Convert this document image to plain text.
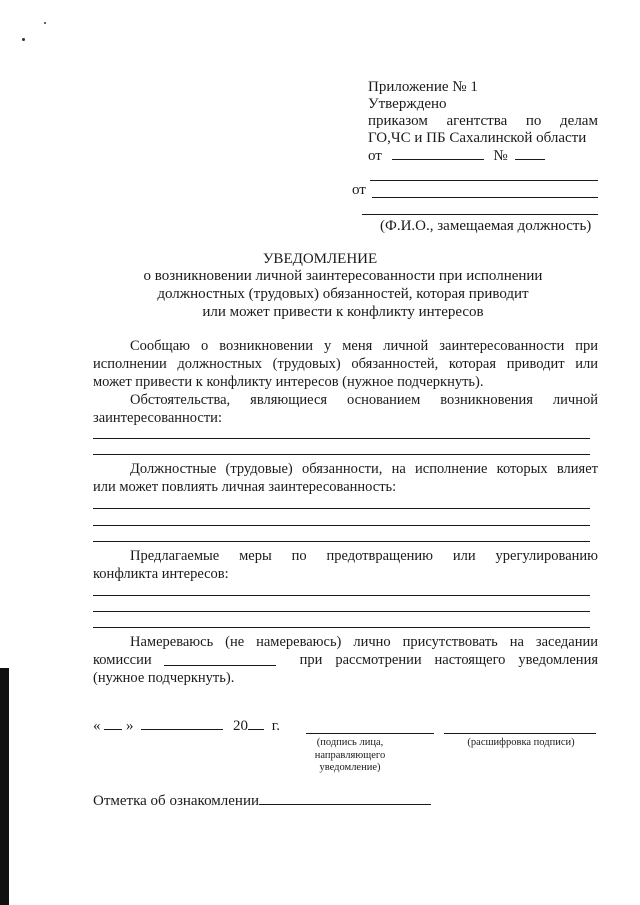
Приложение № 1
Утверждено
приказом агентства по делам
ГО,ЧС и ПБ Сахалинской области
от	№
от
(Ф.И.О., замещаемая должность)
УВЕДОМЛЕНИЕ
о возникновении личной заинтересованности при исполнении
должностных (трудовых) обязанностей, которая приводит
или может привести к конфликту интересов
Сообщаю о возникновении у меня личной заинтересованности при
исполнении должностных (трудовых) обязанностей, которая приводит или
может привести к конфликту интересов (нужное подчеркнуть).
Обстоятельства, являющиеся основанием возникновения личной
заинтересованности:
Должностные (трудовые) обязанности, на исполнение которых влияет
или может повлиять личная заинтересованность:
Предлагаемые меры по предотвращению или урегулированию
конфликта интересов:
Намереваюсь (не намереваюсь) лично присутствовать на заседании
комиссии	при рассмотрении настоящего уведомления
(нужное подчеркнуть).
« »	20 г.
(подпись лица,
направляющего
уведомление)
(расшифровка подписи)
Отметка об ознакомлении
